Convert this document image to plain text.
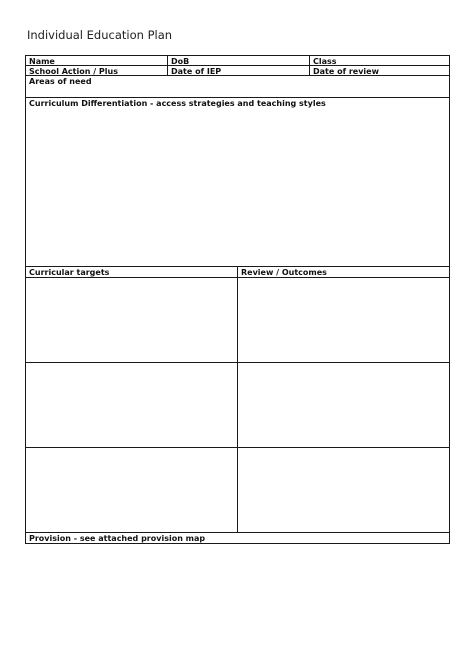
Individual Education Plan
Name	DoB	Class
School Action / Plus	Date of IEP	Date of review
Areas of need
Curriculum Differentiation - access strategies and teaching styles
Curricular targets	Review / Outcomes
Provision - see attached provision map
